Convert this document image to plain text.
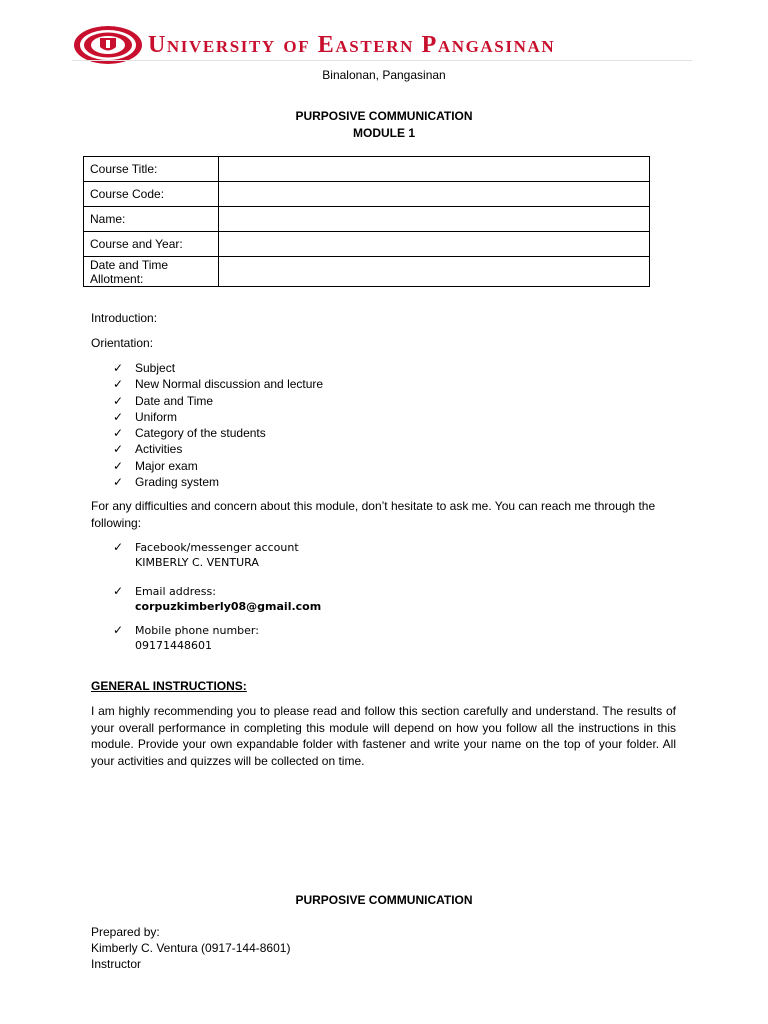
University of Eastern Pangasinan
Binalonan, Pangasinan
PURPOSIVE COMMUNICATION
MODULE 1
Course Title:	
Course Code:	
Name:	
Course and Year:	
Date and Time Allotment:	
Introduction:
Orientation:
✓ Subject
✓ New Normal discussion and lecture
✓ Date and Time
✓ Uniform
✓ Category of the students
✓ Activities
✓ Major exam
✓ Grading system
For any difficulties and concern about this module, don’t hesitate to ask me. You can reach me through the following:
✓	Facebook/messenger account
KIMBERLY C. VENTURA
✓	Email address:
corpuzkimberly08@gmail.com
✓	Mobile phone number:
09171448601
GENERAL INSTRUCTIONS:
I am highly recommending you to please read and follow this section carefully and understand. The results of your overall performance in completing this module will depend on how you follow all the instructions in this module. Provide your own expandable folder with fastener and write your name on the top of your folder. All your activities and quizzes will be collected on time.
PURPOSIVE COMMUNICATION
Prepared by:
Kimberly C. Ventura (0917-144-8601)
Instructor
